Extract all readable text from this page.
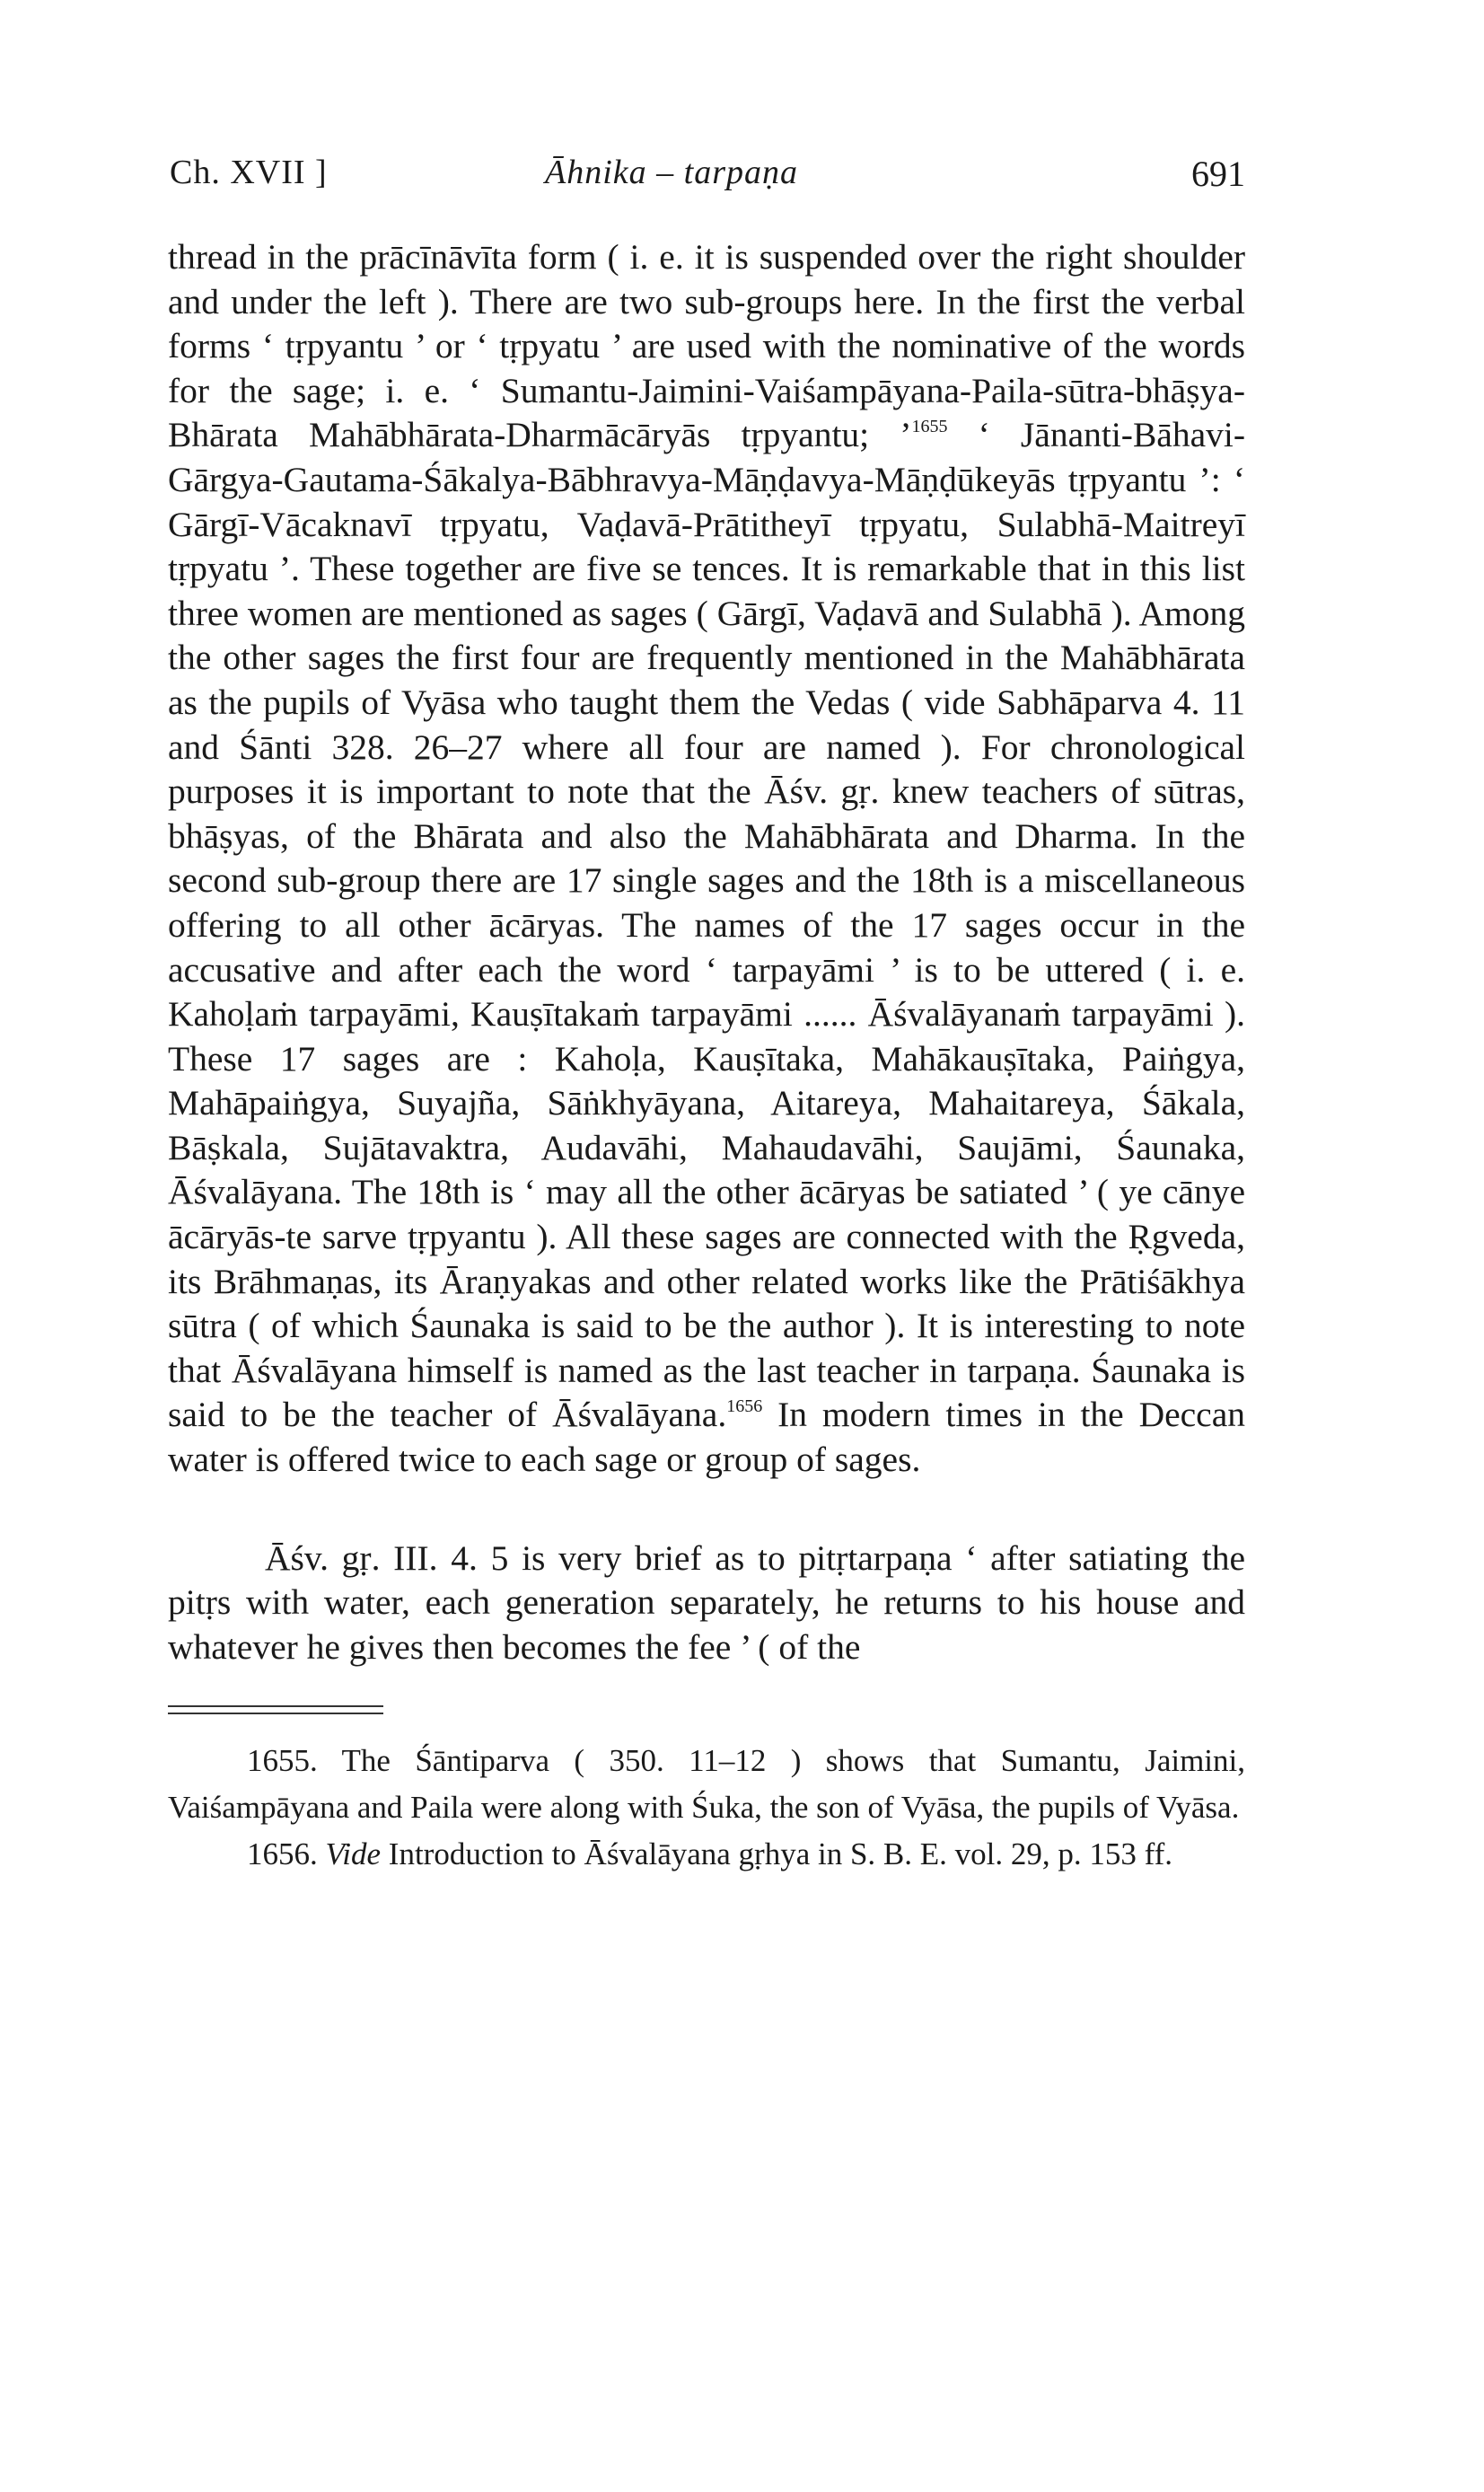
Ch. XVII ]	Āhnika – tarpaṇa	691

thread in the prācīnāvīta form ( i. e. it is suspended over the right shoulder and under the left ). There are two sub-groups here. In the first the verbal forms ‘ tṛpyantu ’ or ‘ tṛpyatu ’ are used with the nominative of the words for the sage; i. e. ‘ Sumantu-Jaimini-Vaiśampāyana-Paila-sūtra-bhāṣya-Bhārata Mahābhārata-Dharmācāryās tṛpyantu; ’$^{1655}$ ‘ Jānanti-Bāhavi-Gārgya-Gautama-Śākalya-Bābhravya-Māṇḍavya-Māṇḍūkeyās tṛpyantu ’: ‘ Gārgī-Vācaknavī tṛpyatu, Vaḍavā-Prātitheyī tṛpyatu, Sulabhā-Maitreyī tṛpyatu ’. These together are five se tences. It is remarkable that in this list three women are mentioned as sages ( Gārgī, Vaḍavā and Sulabhā ). Among the other sages the first four are frequently mentioned in the Mahābhārata as the pupils of Vyāsa who taught them the Vedas ( vide Sabhāparva 4. 11 and Śānti 328. 26–27 where all four are named ). For chronological purposes it is important to note that the Āśv. gṛ. knew teachers of sūtras, bhāṣyas, of the Bhārata and also the Mahābhārata and Dharma. In the second sub-group there are 17 single sages and the 18th is a miscellaneous offering to all other ācāryas. The names of the 17 sages occur in the accusative and after each the word ‘ tarpayāmi ’ is to be uttered ( i. e. Kahoḷaṁ tarpayāmi, Kauṣītakaṁ tarpayāmi ...... Āśvalāyanaṁ tarpayāmi ). These 17 sages are : Kahoḷa, Kauṣītaka, Mahākauṣītaka, Paiṅgya, Mahāpaiṅgya, Suyajña, Sāṅkhyāyana, Aitareya, Mahaitareya, Śākala, Bāṣkala, Sujātavaktra, Audavāhi, Mahaudavāhi, Saujāmi, Śaunaka, Āśvalāyana. The 18th is ‘ may all the other ācāryas be satiated ’ ( ye cānye ācāryās-te sarve tṛpyantu ). All these sages are connected with the Ṛgveda, its Brāhmaṇas, its Āraṇyakas and other related works like the Prātiśākhya sūtra ( of which Śaunaka is said to be the author ). It is interesting to note that Āśvalāyana himself is named as the last teacher in tarpaṇa. Śaunaka is said to be the teacher of Āśvalāyana.$^{1656}$ In modern times in the Deccan water is offered twice to each sage or group of sages.

Āśv. gṛ. III. 4. 5 is very brief as to pitṛtarpaṇa ‘ after satiating the pitṛs with water, each generation separately, he returns to his house and whatever he gives then becomes the fee ’ ( of the

1655. The Śāntiparva ( 350. 11–12 ) shows that Sumantu, Jaimini, Vaiśampāyana and Paila were along with Śuka, the son of Vyāsa, the pupils of Vyāsa.

1656. Vide Introduction to Āśvalāyana gṛhya in S. B. E. vol. 29, p. 153 ff.
